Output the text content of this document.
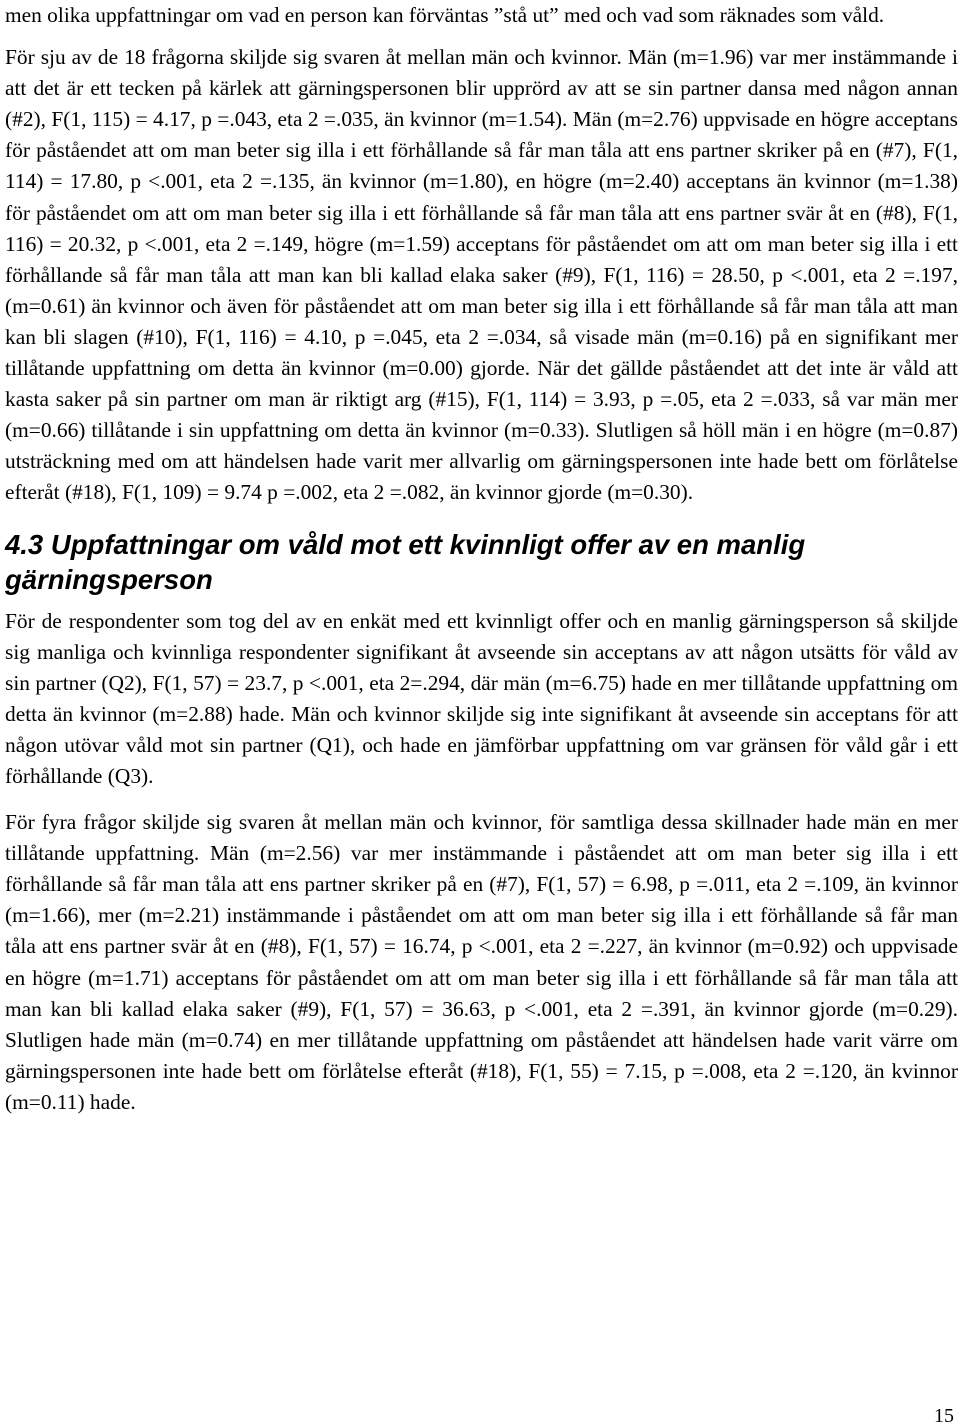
men olika uppfattningar om vad en person kan förväntas ”stå ut” med och vad som räknades som våld.

För sju av de 18 frågorna skiljde sig svaren åt mellan män och kvinnor. Män (m=1.96) var mer instämmande i att det är ett tecken på kärlek att gärningspersonen blir upprörd av att se sin partner dansa med någon annan (#2), F(1, 115) = 4.17, p =.043, eta 2 =.035, än kvinnor (m=1.54). Män (m=2.76) uppvisade en högre acceptans för påståendet att om man beter sig illa i ett förhållande så får man tåla att ens partner skriker på en (#7), F(1, 114) = 17.80, p <.001, eta 2 =.135, än kvinnor (m=1.80), en högre (m=2.40) acceptans än kvinnor (m=1.38) för påståendet om att om man beter sig illa i ett förhållande så får man tåla att ens partner svär åt en (#8), F(1, 116) = 20.32, p <.001, eta 2 =.149, högre (m=1.59) acceptans för påståendet om att om man beter sig illa i ett förhållande så får man tåla att man kan bli kallad elaka saker (#9), F(1, 116) = 28.50, p <.001, eta 2 =.197, (m=0.61) än kvinnor och även för påståendet att om man beter sig illa i ett förhållande så får man tåla att man kan bli slagen (#10), F(1, 116) = 4.10, p =.045, eta 2 =.034, så visade män (m=0.16) på en signifikant mer tillåtande uppfattning om detta än kvinnor (m=0.00) gjorde. När det gällde påståendet att det inte är våld att kasta saker på sin partner om man är riktigt arg (#15), F(1, 114) = 3.93, p =.05, eta 2 =.033, så var män mer (m=0.66) tillåtande i sin uppfattning om detta än kvinnor (m=0.33). Slutligen så höll män i en högre (m=0.87) utsträckning med om att händelsen hade varit mer allvarlig om gärningspersonen inte hade bett om förlåtelse efteråt (#18), F(1, 109) = 9.74 p =.002, eta 2 =.082, än kvinnor gjorde (m=0.30).

4.3 Uppfattningar om våld mot ett kvinnligt offer av en manlig gärningsperson

För de respondenter som tog del av en enkät med ett kvinnligt offer och en manlig gärningsperson så skiljde sig manliga och kvinnliga respondenter signifikant åt avseende sin acceptans av att någon utsätts för våld av sin partner (Q2), F(1, 57) = 23.7, p <.001, eta 2=.294, där män (m=6.75) hade en mer tillåtande uppfattning om detta än kvinnor (m=2.88) hade. Män och kvinnor skiljde sig inte signifikant åt avseende sin acceptans för att någon utövar våld mot sin partner (Q1), och hade en jämförbar uppfattning om var gränsen för våld går i ett förhållande (Q3).

För fyra frågor skiljde sig svaren åt mellan män och kvinnor, för samtliga dessa skillnader hade män en mer tillåtande uppfattning. Män (m=2.56) var mer instämmande i påståendet att om man beter sig illa i ett förhållande så får man tåla att ens partner skriker på en (#7), F(1, 57) = 6.98, p =.011, eta 2 =.109, än kvinnor (m=1.66), mer (m=2.21) instämmande i påståendet om att om man beter sig illa i ett förhållande så får man tåla att ens partner svär åt en (#8), F(1, 57) = 16.74, p <.001, eta 2 =.227, än kvinnor (m=0.92) och uppvisade en högre (m=1.71) acceptans för påståendet om att om man beter sig illa i ett förhållande så får man tåla att man kan bli kallad elaka saker (#9), F(1, 57) = 36.63, p <.001, eta 2 =.391, än kvinnor gjorde (m=0.29). Slutligen hade män (m=0.74) en mer tillåtande uppfattning om påståendet att händelsen hade varit värre om gärningspersonen inte hade bett om förlåtelse efteråt (#18), F(1, 55) = 7.15, p =.008, eta 2 =.120, än kvinnor (m=0.11) hade.

15
